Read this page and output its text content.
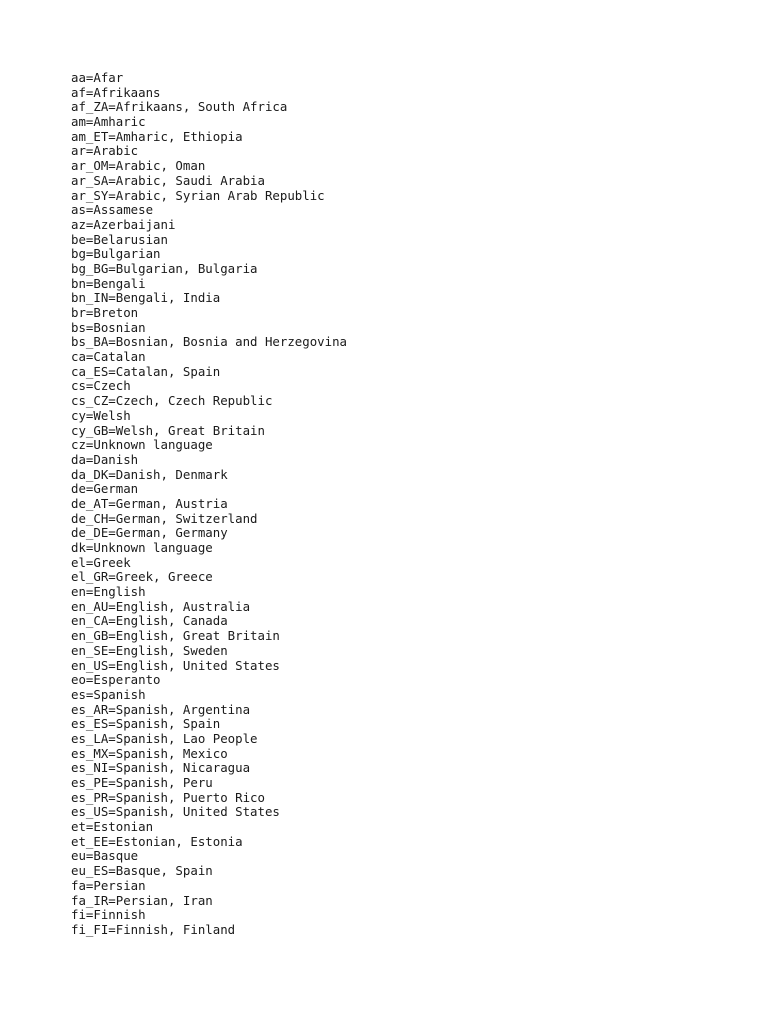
aa=Afar
af=Afrikaans
af_ZA=Afrikaans, South Africa
am=Amharic
am_ET=Amharic, Ethiopia
ar=Arabic
ar_OM=Arabic, Oman
ar_SA=Arabic, Saudi Arabia
ar_SY=Arabic, Syrian Arab Republic
as=Assamese
az=Azerbaijani
be=Belarusian
bg=Bulgarian
bg_BG=Bulgarian, Bulgaria
bn=Bengali
bn_IN=Bengali, India
br=Breton
bs=Bosnian
bs_BA=Bosnian, Bosnia and Herzegovina
ca=Catalan
ca_ES=Catalan, Spain
cs=Czech
cs_CZ=Czech, Czech Republic
cy=Welsh
cy_GB=Welsh, Great Britain
cz=Unknown language
da=Danish
da_DK=Danish, Denmark
de=German
de_AT=German, Austria
de_CH=German, Switzerland
de_DE=German, Germany
dk=Unknown language
el=Greek
el_GR=Greek, Greece
en=English
en_AU=English, Australia
en_CA=English, Canada
en_GB=English, Great Britain
en_SE=English, Sweden
en_US=English, United States
eo=Esperanto
es=Spanish
es_AR=Spanish, Argentina
es_ES=Spanish, Spain
es_LA=Spanish, Lao People
es_MX=Spanish, Mexico
es_NI=Spanish, Nicaragua
es_PE=Spanish, Peru
es_PR=Spanish, Puerto Rico
es_US=Spanish, United States
et=Estonian
et_EE=Estonian, Estonia
eu=Basque
eu_ES=Basque, Spain
fa=Persian
fa_IR=Persian, Iran
fi=Finnish
fi_FI=Finnish, Finland
